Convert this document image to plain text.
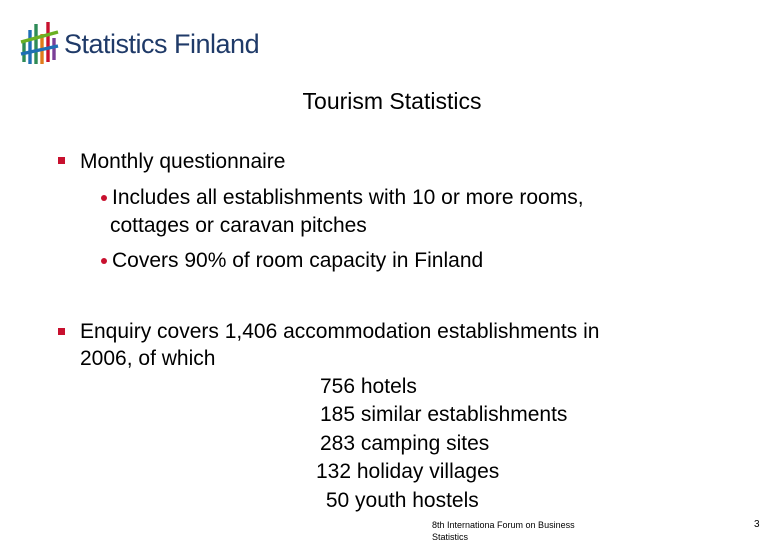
Statistics Finland
Tourism Statistics
Monthly questionnaire
Includes all establishments with 10 or more rooms,
cottages or caravan pitches
Covers 90% of room capacity in Finland
Enquiry covers 1,406 accommodation establishments in
2006, of which
756 hotels
185 similar establishments
283 camping sites
132 holiday villages
50 youth hostels
8th Internationa Forum on Business Statistics
3
